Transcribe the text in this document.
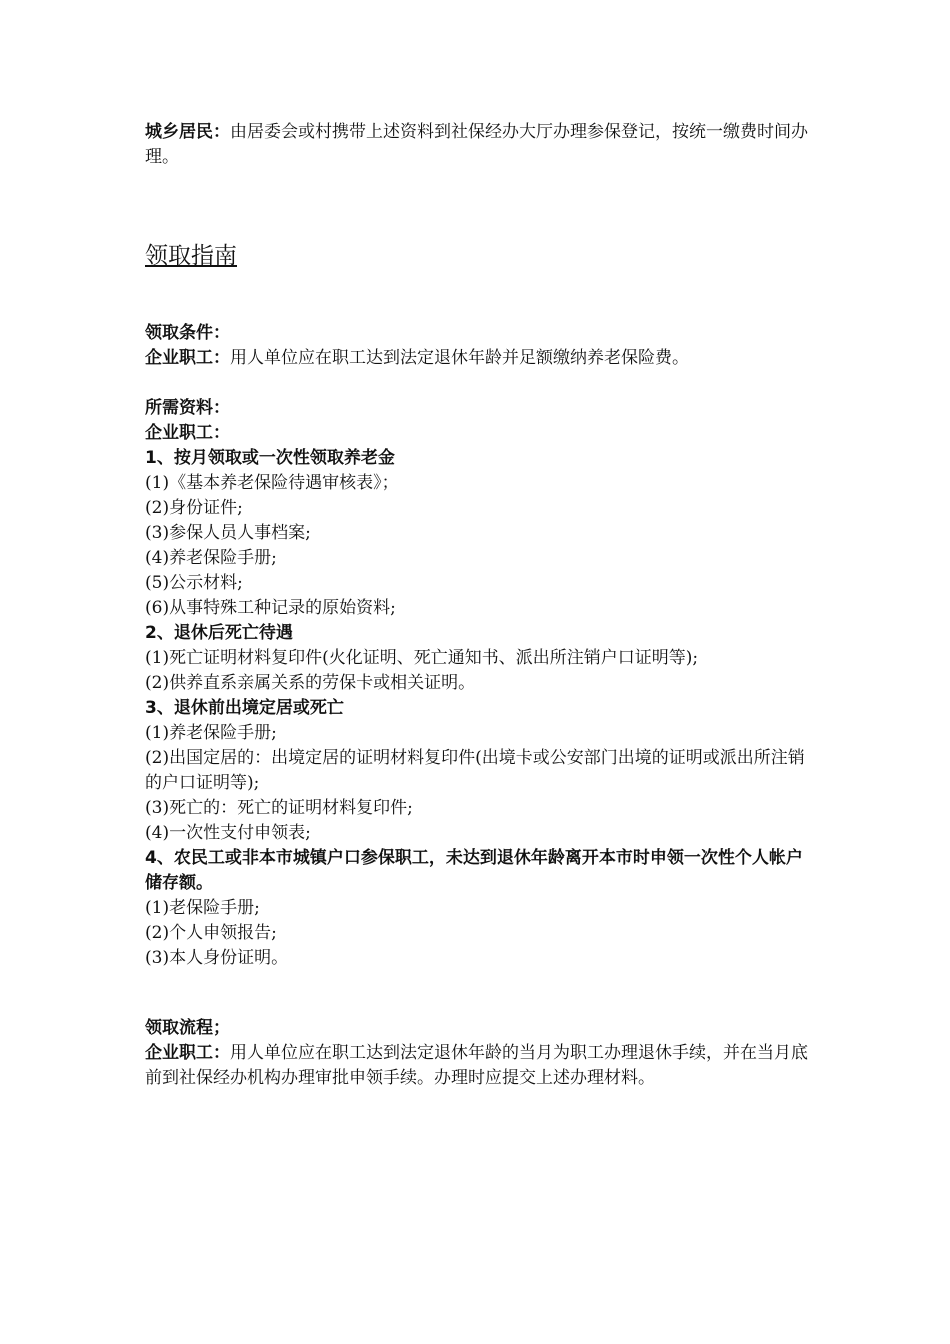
城乡居民：由居委会或村携带上述资料到社保经办大厅办理参保登记，按统一缴费时间办理。
领取指南
领取条件：
企业职工：用人单位应在职工达到法定退休年龄并足额缴纳养老保险费。
所需资料：
企业职工：
1、按月领取或一次性领取养老金
(1)《基本养老保险待遇审核表》；
(2)身份证件;
(3)参保人员人事档案;
(4)养老保险手册;
(5)公示材料;
(6)从事特殊工种记录的原始资料;
2、退休后死亡待遇
(1)死亡证明材料复印件(火化证明、死亡通知书、派出所注销户口证明等);
(2)供养直系亲属关系的劳保卡或相关证明。
3、退休前出境定居或死亡
(1)养老保险手册;
(2)出国定居的：出境定居的证明材料复印件(出境卡或公安部门出境的证明或派出所注销的户口证明等);
(3)死亡的：死亡的证明材料复印件;
(4)一次性支付申领表;
4、农民工或非本市城镇户口参保职工，未达到退休年龄离开本市时申领一次性个人帐户储存额。
(1)老保险手册;
(2)个人申领报告;
(3)本人身份证明。
领取流程；
企业职工：用人单位应在职工达到法定退休年龄的当月为职工办理退休手续，并在当月底前到社保经办机构办理审批申领手续。办理时应提交上述办理材料。
